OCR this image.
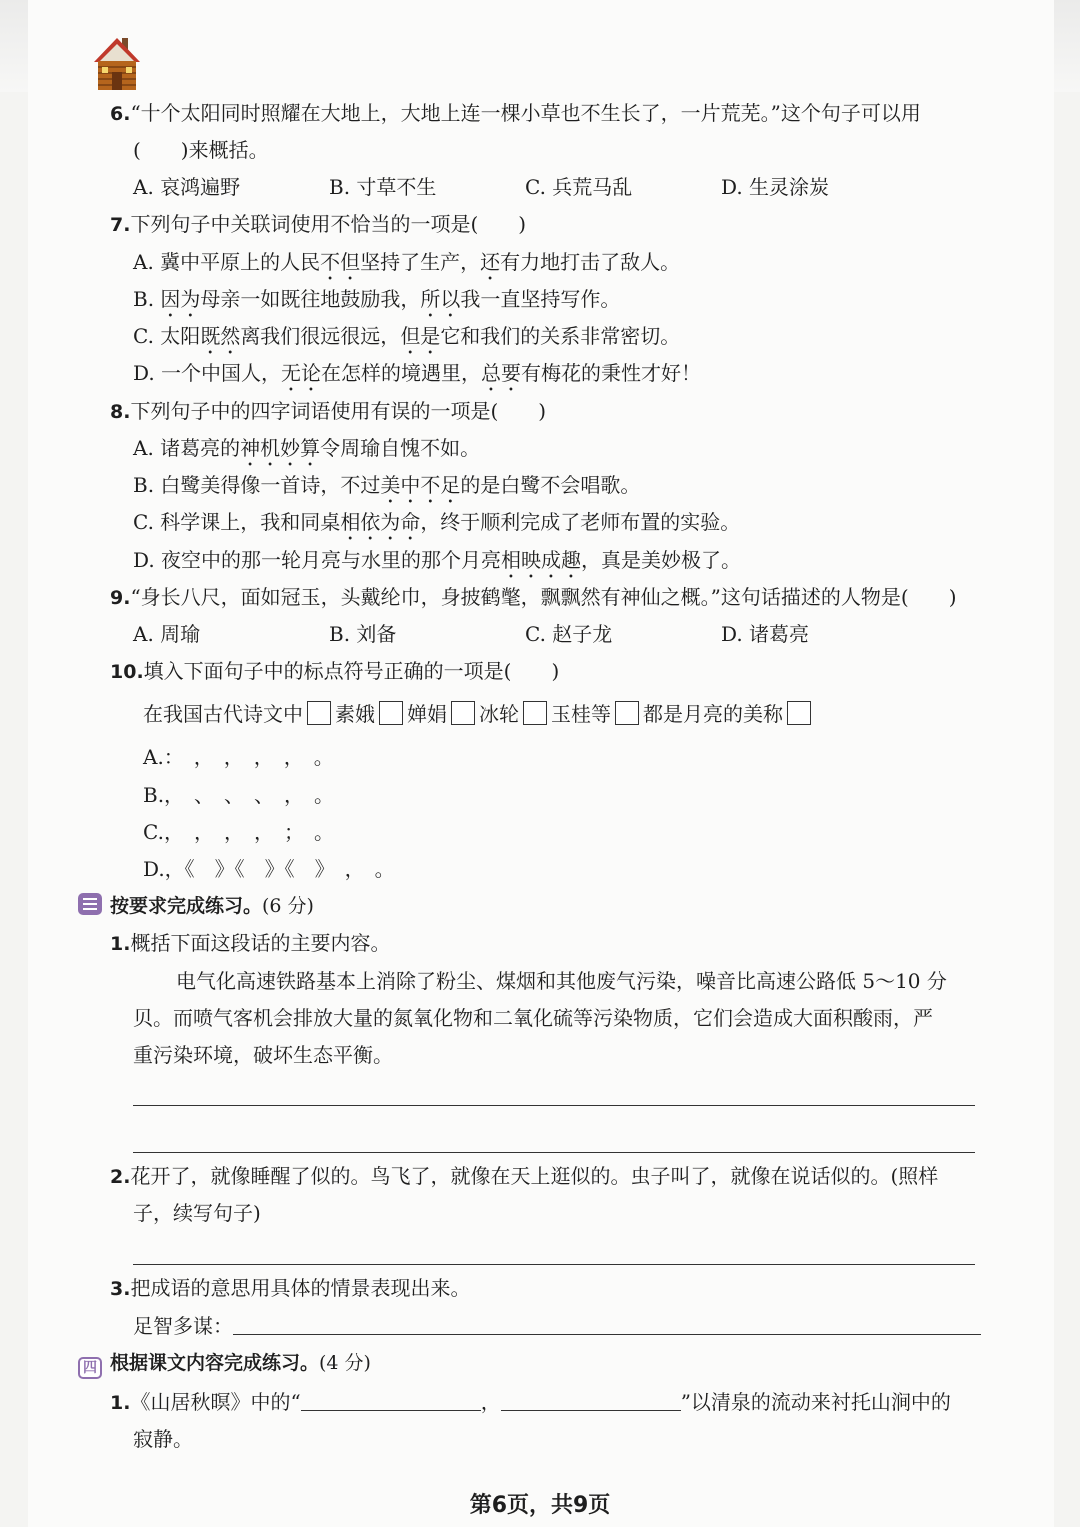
6.“十个太阳同时照耀在大地上，大地上连一棵小草也不生长了，一片荒芜。”这个句子可以用
(　　)来概括。
A. 哀鸿遍野	B. 寸草不生	C. 兵荒马乱	D. 生灵涂炭
7.下列句子中关联词使用不恰当的一项是(　　)
A. 冀中平原上的人民不但坚持了生产，还有力地打击了敌人。
B. 因为母亲一如既往地鼓励我，所以我一直坚持写作。
C. 太阳既然离我们很远很远，但是它和我们的关系非常密切。
D. 一个中国人，无论在怎样的境遇里，总要有梅花的秉性才好！
8.下列句子中的四字词语使用有误的一项是(　　)
A. 诸葛亮的神机妙算令周瑜自愧不如。
B. 白鹭美得像一首诗，不过美中不足的是白鹭不会唱歌。
C. 科学课上，我和同桌相依为命，终于顺利完成了老师布置的实验。
D. 夜空中的那一轮月亮与水里的那个月亮相映成趣，真是美妙极了。
9.“身长八尺，面如冠玉，头戴纶巾，身披鹤氅，飘飘然有神仙之概。”这句话描述的人物是(　　)
A. 周瑜	B. 刘备	C. 赵子龙	D. 诸葛亮
10.填入下面句子中的标点符号正确的一项是(　　)
在我国古代诗文中 素娥 婵娟 冰轮 玉桂等 都是月亮的美称
A.：　，　，　，　，　。
B.，　、　、　、　，　。
C.，　，　，　，　；　。
D.，《　》《　》《　》　，　。
按要求完成练习。(6 分)
1.概括下面这段话的主要内容。
电气化高速铁路基本上消除了粉尘、煤烟和其他废气污染，噪音比高速公路低 5～10 分
贝。而喷气客机会排放大量的氮氧化物和二氧化硫等污染物质，它们会造成大面积酸雨，严
重污染环境，破坏生态平衡。
2.花开了，就像睡醒了似的。鸟飞了，就像在天上逛似的。虫子叫了，就像在说话似的。(照样
子，续写句子)
3.把成语的意思用具体的情景表现出来。
足智多谋：
四 根据课文内容完成练习。(4 分)
1.《山居秋暝》中的“	，	”以清泉的流动来衬托山涧中的
寂静。
第6页，共9页
